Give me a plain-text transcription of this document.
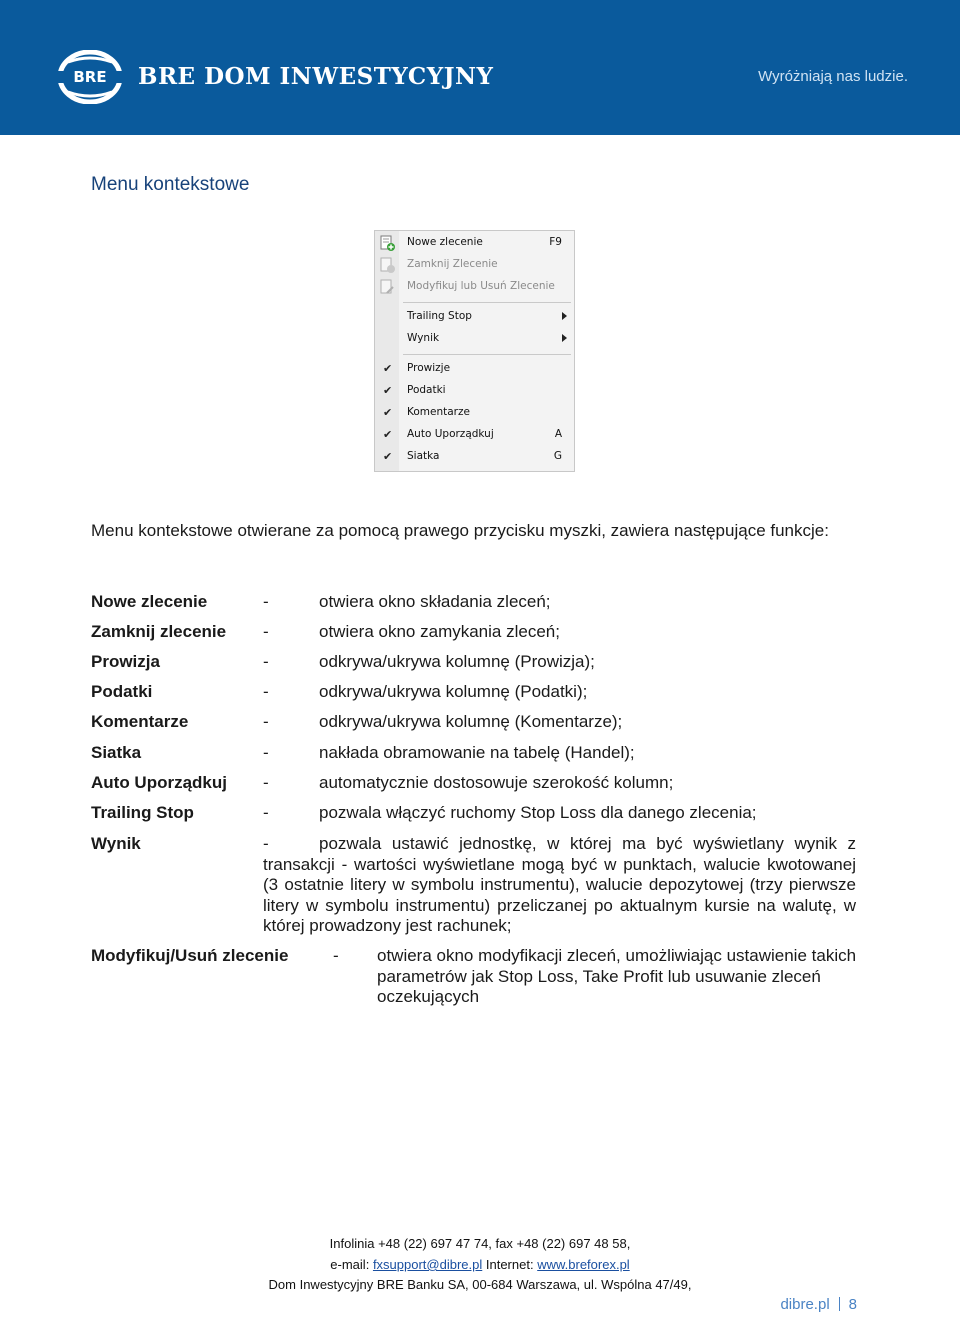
BRE BRE DOM INWESTYCYJNY	Wyróżniają nas ludzie.
Menu kontekstowe
Nowe zlecenie	F9
Zamknij Zlecenie
Modyfikuj lub Usuń Zlecenie
Trailing Stop
Wynik
✔ Prowizje
✔ Podatki
✔ Komentarze
✔ Auto Uporządkuj	A
✔ Siatka	G
Menu kontekstowe otwierane za pomocą prawego przycisku myszki, zawiera następujące funkcje:
Nowe zlecenie	-	otwiera okno składania zleceń;
Zamknij zlecenie -	otwiera okno zamykania zleceń;
Prowizja	-	odkrywa/ukrywa kolumnę (Prowizja);
Podatki	-	odkrywa/ukrywa kolumnę (Podatki);
Komentarze	-	odkrywa/ukrywa kolumnę (Komentarze);
Siatka	-	nakłada obramowanie na tabelę (Handel);
Auto Uporządkuj -	automatycznie dostosowuje szerokość kolumn;
Trailing Stop	-	pozwala włączyć ruchomy Stop Loss dla danego zlecenia;
Wynik	-	pozwala ustawić jednostkę, w której ma być wyświetlany wynik z transakcji - wartości wyświetlane mogą być w punktach, walucie kwotowanej (3 ostatnie litery w symbolu instrumentu), walucie depozytowej (trzy pierwsze litery w symbolu instrumentu) przeliczanej po aktualnym kursie na walutę, w której prowadzony jest rachunek;
Modyfikuj/Usuń zlecenie	- otwiera okno modyfikacji zleceń, umożliwiając ustawienie takich parametrów jak Stop Loss, Take Profit lub usuwanie zleceń oczekujących
Infolinia +48 (22) 697 47 74, fax +48 (22) 697 48 58,
e-mail: fxsupport@dibre.pl Internet: www.breforex.pl
Dom Inwestycyjny BRE Banku SA, 00-684 Warszawa, ul. Wspólna 47/49,
dibre.pl 8
